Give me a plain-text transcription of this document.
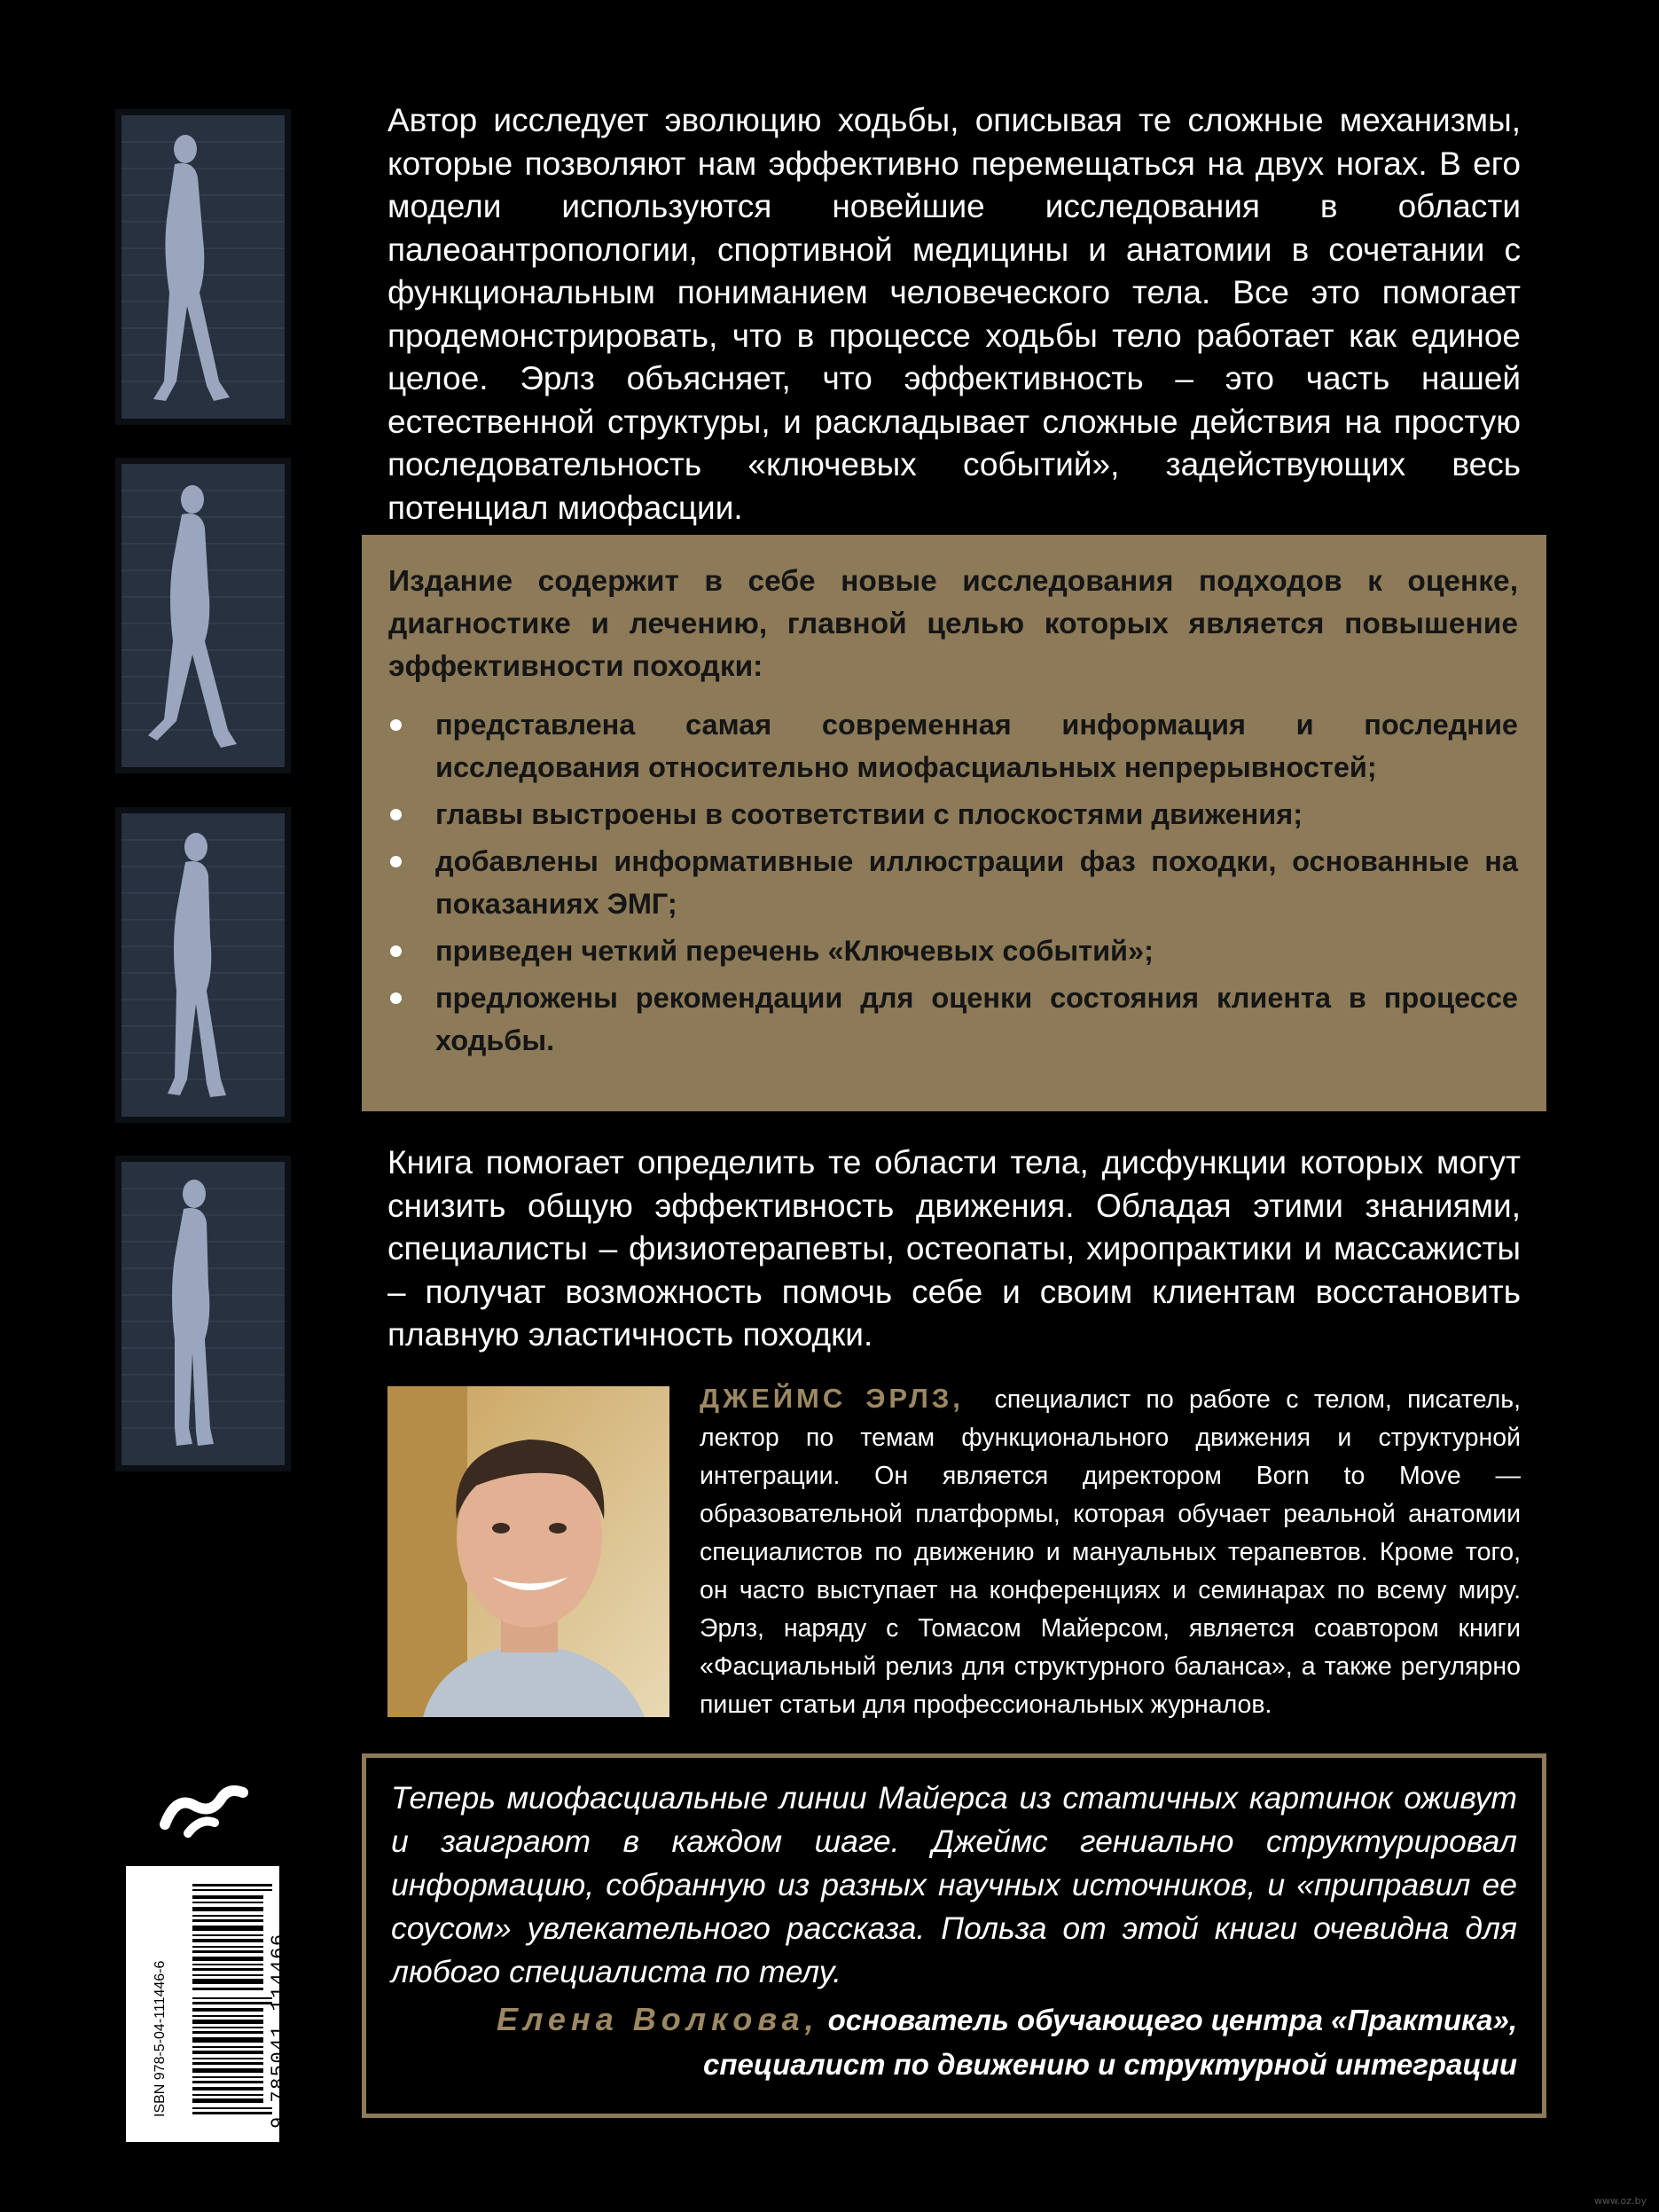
Автор исследует эволюцию ходьбы, описывая те сложные механизмы, которые позволяют нам эффективно перемещаться на двух ногах. В его модели используются новейшие исследования в области палеоантропологии, спортивной медицины и анатомии в сочетании с функциональным пониманием человеческого тела. Все это помогает продемонстрировать, что в процессе ходьбы тело работает как единое целое. Эрлз объясняет, что эффективность – это часть нашей естественной структуры, и раскладывает сложные действия на простую последовательность «ключевых событий», задействующих весь потенциал миофасции.

Издание содержит в себе новые исследования подходов к оценке, диагностике и лечению, главной целью которых является повышение эффективности походки:

представлена самая современная информация и последние исследования относительно миофасциальных непрерывностей;
главы выстроены в соответствии с плоскостями движения;
добавлены информативные иллюстрации фаз походки, основанные на показаниях ЭМГ;
приведен четкий перечень «Ключевых событий»;
предложены рекомендации для оценки состояния клиента в процессе ходьбы.

Книга помогает определить те области тела, дисфункции которых могут снизить общую эффективность движения. Обладая этими знаниями, специалисты – физиотерапевты, остеопаты, хиропрактики и массажисты – получат возможность помочь себе и своим клиентам восстановить плавную эластичность походки.

ДЖЕЙМС ЭРЛЗ, специалист по работе с телом, писатель, лектор по темам функционального движения и структурной интеграции. Он является директором Born to Move — образовательной платформы, которая обучает реальной анатомии специалистов по движению и мануальных терапевтов. Кроме того, он часто выступает на конференциях и семинарах по всему миру. Эрлз, наряду с Томасом Майерсом, является соавтором книги «Фасциальный релиз для структурного баланса», а также регулярно пишет статьи для профессиональных журналов.

Теперь миофасциальные линии Майерса из статичных картинок оживут и заиграют в каждом шаге. Джеймс гениально структурировал информацию, собранную из разных научных источников, и «приправил ее соусом» увлекательного рассказа. Польза от этой книги очевидна для любого специалиста по телу.

Елена Волкова, основатель обучающего центра «Практика»,
специалист по движению и структурной интеграции
ISBN 978-5-04-111446-6	9 785041 114466
www.oz.by
